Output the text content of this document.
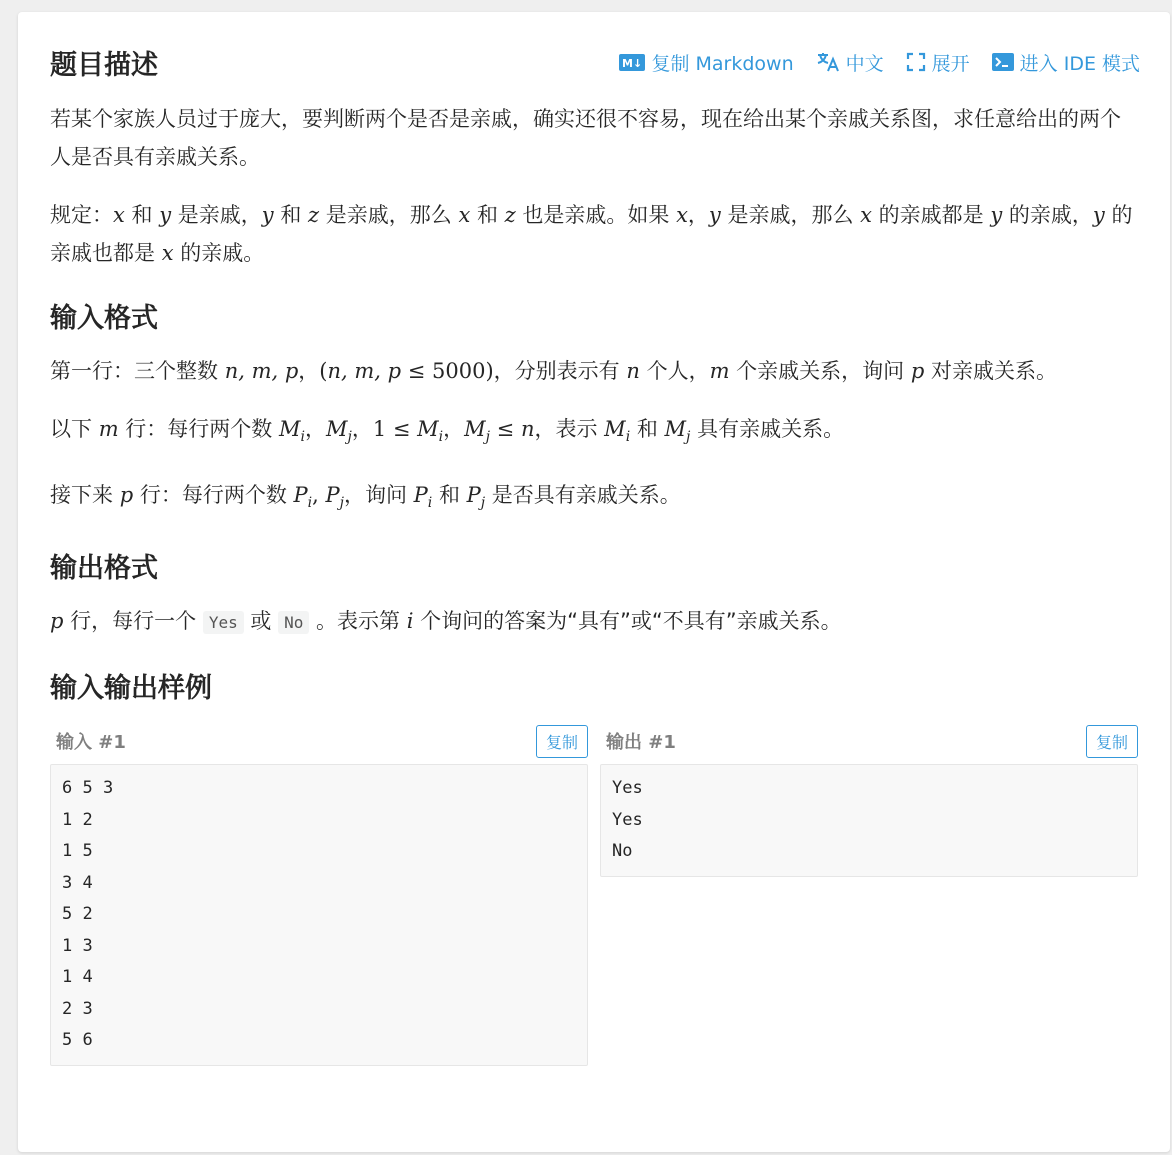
题目描述	M↓ 复制 Markdown	中文	展开	进入 IDE 模式

若某个家族人员过于庞大，要判断两个是否是亲戚，确实还很不容易，现在给出某个亲戚关系图，求任意给出的两个人是否具有亲戚关系。

规定：x 和 y 是亲戚，y 和 z 是亲戚，那么 x 和 z 也是亲戚。如果 x，y 是亲戚，那么 x 的亲戚都是 y 的亲戚，y 的亲戚也都是 x 的亲戚。

输入格式

第一行：三个整数 n, m, p，(n, m, p ≤ 5000)，分别表示有 n 个人，m 个亲戚关系，询问 p 对亲戚关系。

以下 m 行：每行两个数 $M_i$，$M_j$，$1 \le M_i$，$M_j \le n$，表示 $M_i$ 和 $M_j$ 具有亲戚关系。

接下来 p 行：每行两个数 $P_i$, $P_j$，询问 $P_i$ 和 $P_j$ 是否具有亲戚关系。

输出格式

p 行，每行一个 Yes 或 No 。表示第 i 个询问的答案为“具有”或“不具有”亲戚关系。

输入输出样例
输入 #1	复制
6 5 3
1 2
1 5
3 4
5 2
1 3
1 4
2 3
5 6
输出 #1	复制
Yes
Yes
No
